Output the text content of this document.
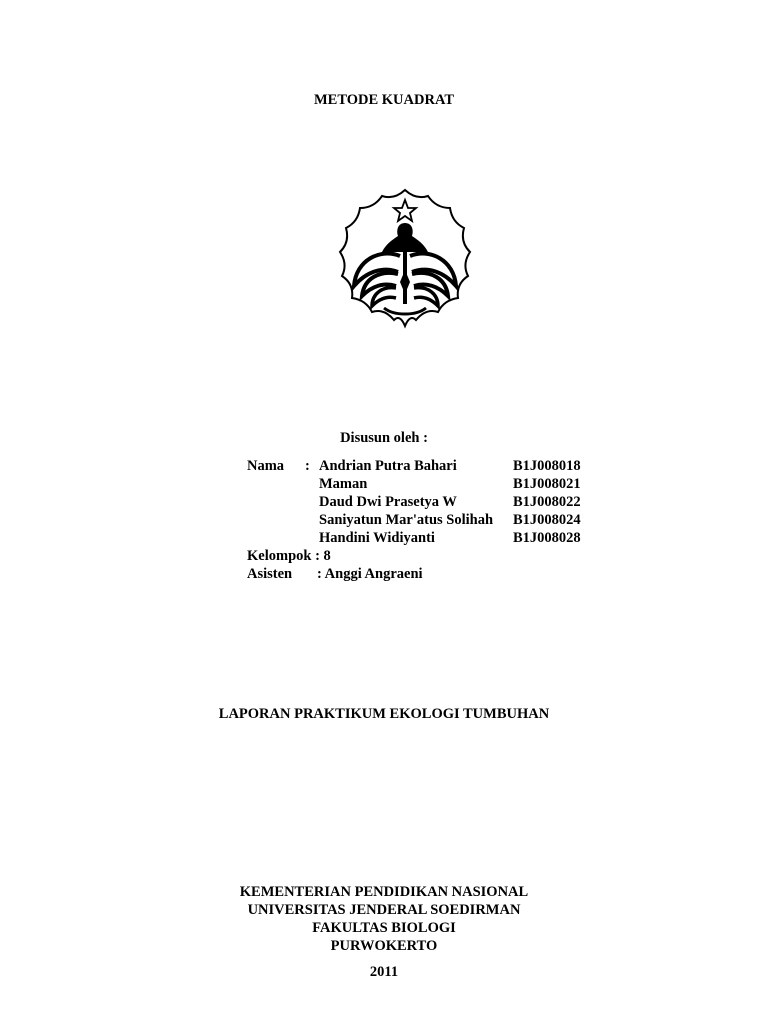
METODE KUADRAT
Disusun oleh :
Nama : Andrian Putra Bahari	B1J008018
Maman	B1J008021
Daud Dwi Prasetya W	B1J008022
Saniyatun Mar'atus Solihah B1J008024
Handini Widiyanti	B1J008028
Kelompok : 8
Asisten : Anggi Angraeni
LAPORAN PRAKTIKUM EKOLOGI TUMBUHAN
KEMENTERIAN PENDIDIKAN NASIONAL
UNIVERSITAS JENDERAL SOEDIRMAN
FAKULTAS BIOLOGI
PURWOKERTO
2011
